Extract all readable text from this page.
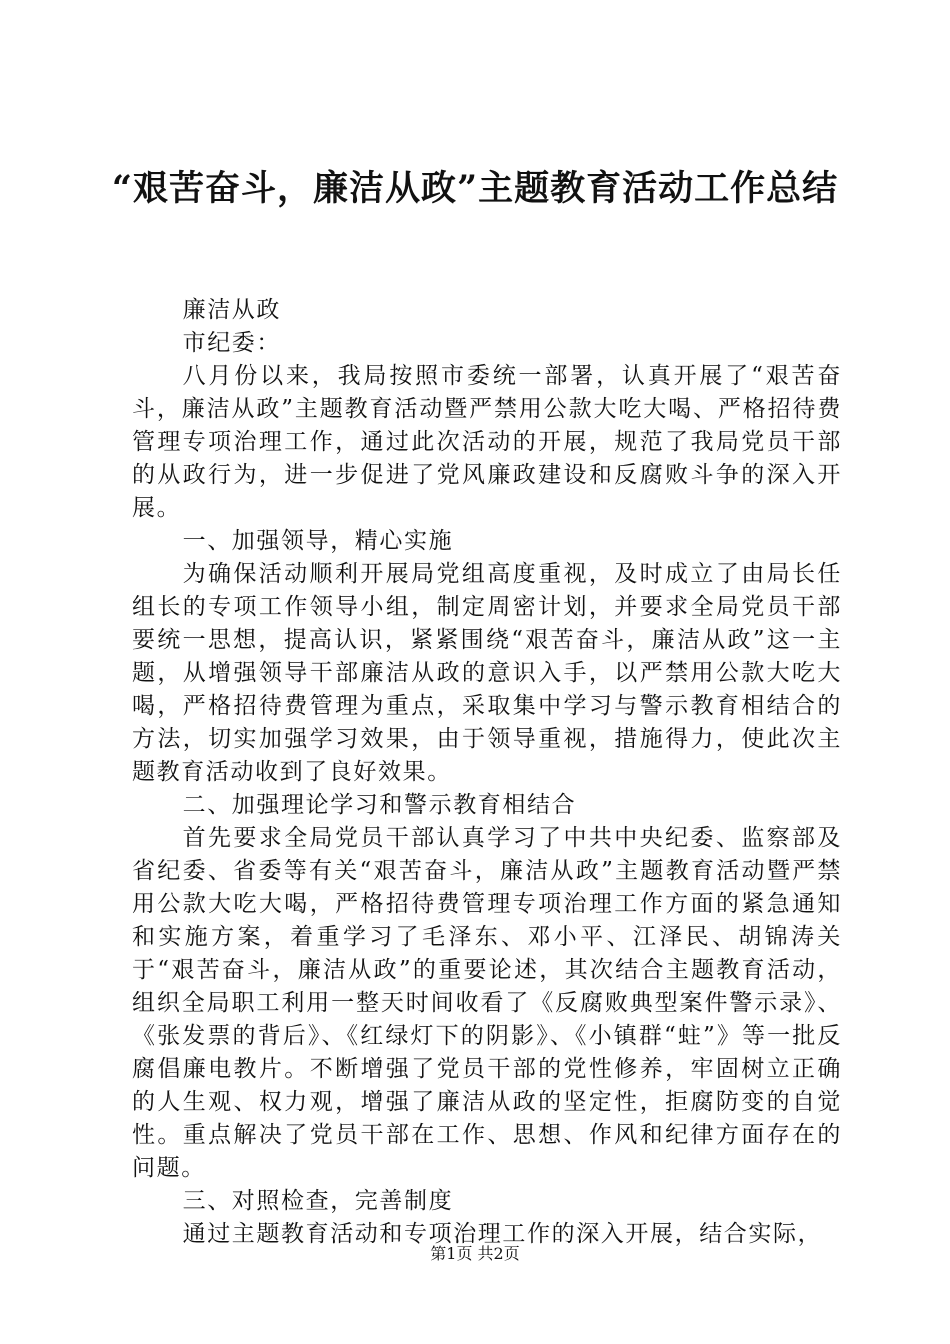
“艰苦奋斗，廉洁从政”主题教育活动工作总结

廉洁从政

市纪委：

八月份以来，我局按照市委统一部署，认真开展了“艰苦奋斗，廉洁从政”主题教育活动暨严禁用公款大吃大喝、严格招待费管理专项治理工作，通过此次活动的开展，规范了我局党员干部的从政行为，进一步促进了党风廉政建设和反腐败斗争的深入开展。

一、加强领导，精心实施

为确保活动顺利开展局党组高度重视，及时成立了由局长任组长的专项工作领导小组，制定周密计划，并要求全局党员干部要统一思想，提高认识，紧紧围绕“艰苦奋斗，廉洁从政”这一主题，从增强领导干部廉洁从政的意识入手，以严禁用公款大吃大喝，严格招待费管理为重点，采取集中学习与警示教育相结合的方法，切实加强学习效果，由于领导重视，措施得力，使此次主题教育活动收到了良好效果。

二、加强理论学习和警示教育相结合

首先要求全局党员干部认真学习了中共中央纪委、监察部及省纪委、省委等有关“艰苦奋斗，廉洁从政”主题教育活动暨严禁用公款大吃大喝，严格招待费管理专项治理工作方面的紧急通知和实施方案，着重学习了毛泽东、邓小平、江泽民、胡锦涛关于“艰苦奋斗，廉洁从政”的重要论述，其次结合主题教育活动，组织全局职工利用一整天时间收看了《反腐败典型案件警示录》、《张发票的背后》、《红绿灯下的阴影》、《小镇群“蛀”》等一批反腐倡廉电教片。不断增强了党员干部的党性修养，牢固树立正确的人生观、权力观，增强了廉洁从政的坚定性，拒腐防变的自觉性。重点解决了党员干部在工作、思想、作风和纪律方面存在的问题。

三、对照检查，完善制度

通过主题教育活动和专项治理工作的深入开展，结合实际，

第1页 共2页
